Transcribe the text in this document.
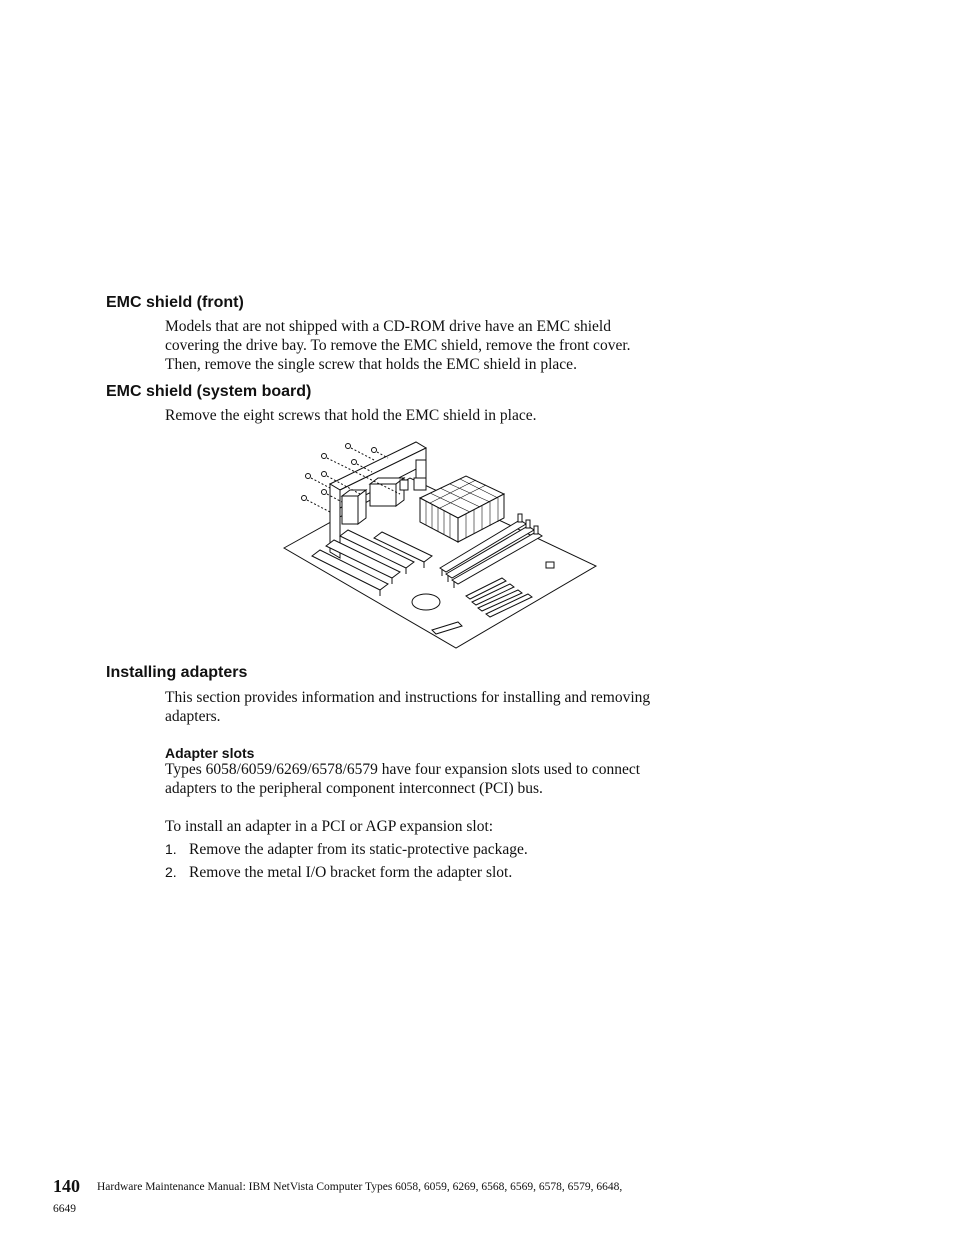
EMC shield (front)

Models that are not shipped with a CD-ROM drive have an EMC shield

covering the drive bay. To remove the EMC shield, remove the front cover.

Then, remove the single screw that holds the EMC shield in place.

EMC shield (system board)

Remove the eight screws that hold the EMC shield in place.

Installing adapters

This section provides information and instructions for installing and removing

adapters.

Adapter slots

Types 6058/6059/6269/6578/6579 have four expansion slots used to connect

adapters to the peripheral component interconnect (PCI) bus.

To install an adapter in a PCI or AGP expansion slot:

1. Remove the adapter from its static-protective package.

2. Remove the metal I/O bracket form the adapter slot.

140 Hardware Maintenance Manual: IBM NetVista Computer Types 6058, 6059, 6269, 6568, 6569, 6578, 6579, 6648,
6649
